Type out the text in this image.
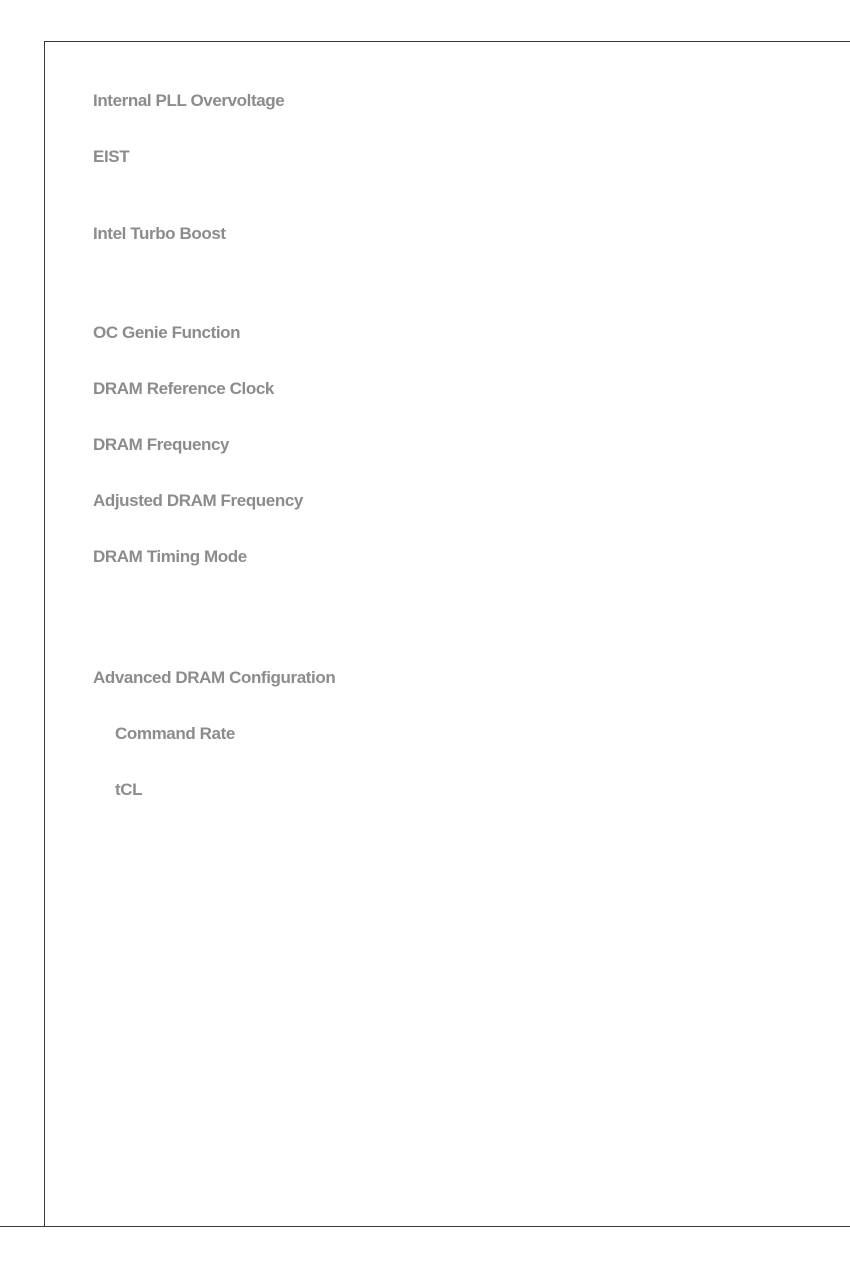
Internal PLL Overvoltage

EIST

Intel Turbo Boost

OC Genie Function

DRAM Reference Clock

DRAM Frequency

Adjusted DRAM Frequency

DRAM Timing Mode

Advanced DRAM Configuration

Command Rate

tCL
